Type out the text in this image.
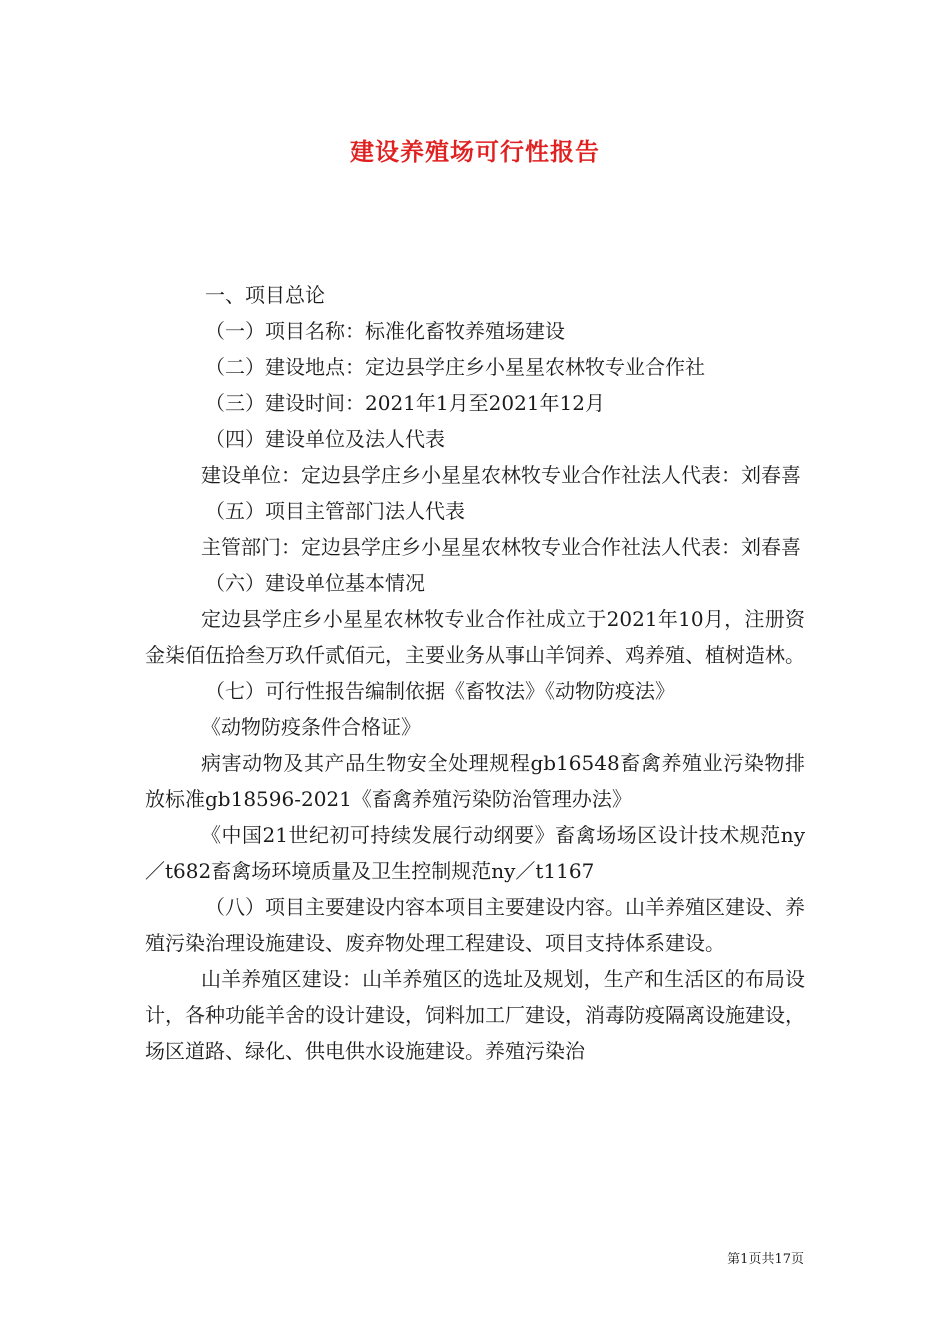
建设养殖场可行性报告

一、项目总论

（一）项目名称：标准化畜牧养殖场建设

（二）建设地点：定边县学庄乡小星星农林牧专业合作社

（三）建设时间：2021年1月至2021年12月

（四）建设单位及法人代表

建设单位：定边县学庄乡小星星农林牧专业合作社法人代表：刘春喜

（五）项目主管部门法人代表

主管部门：定边县学庄乡小星星农林牧专业合作社法人代表：刘春喜

（六）建设单位基本情况

定边县学庄乡小星星农林牧专业合作社成立于2021年10月，注册资金柒佰伍拾叁万玖仟贰佰元，主要业务从事山羊饲养、鸡养殖、植树造林。

（七）可行性报告编制依据《畜牧法》《动物防疫法》

《动物防疫条件合格证》

病害动物及其产品生物安全处理规程gb16548畜禽养殖业污染物排放标准gb18596-2021《畜禽养殖污染防治管理办法》

《中国21世纪初可持续发展行动纲要》畜禽场场区设计技术规范ny／t682畜禽场环境质量及卫生控制规范ny／t1167

（八）项目主要建设内容本项目主要建设内容。山羊养殖区建设、养殖污染治理设施建设、废弃物处理工程建设、项目支持体系建设。

山羊养殖区建设：山羊养殖区的选址及规划，生产和生活区的布局设计，各种功能羊舍的设计建设，饲料加工厂建设，消毒防疫隔离设施建设，场区道路、绿化、供电供水设施建设。养殖污染治

第1页共17页
